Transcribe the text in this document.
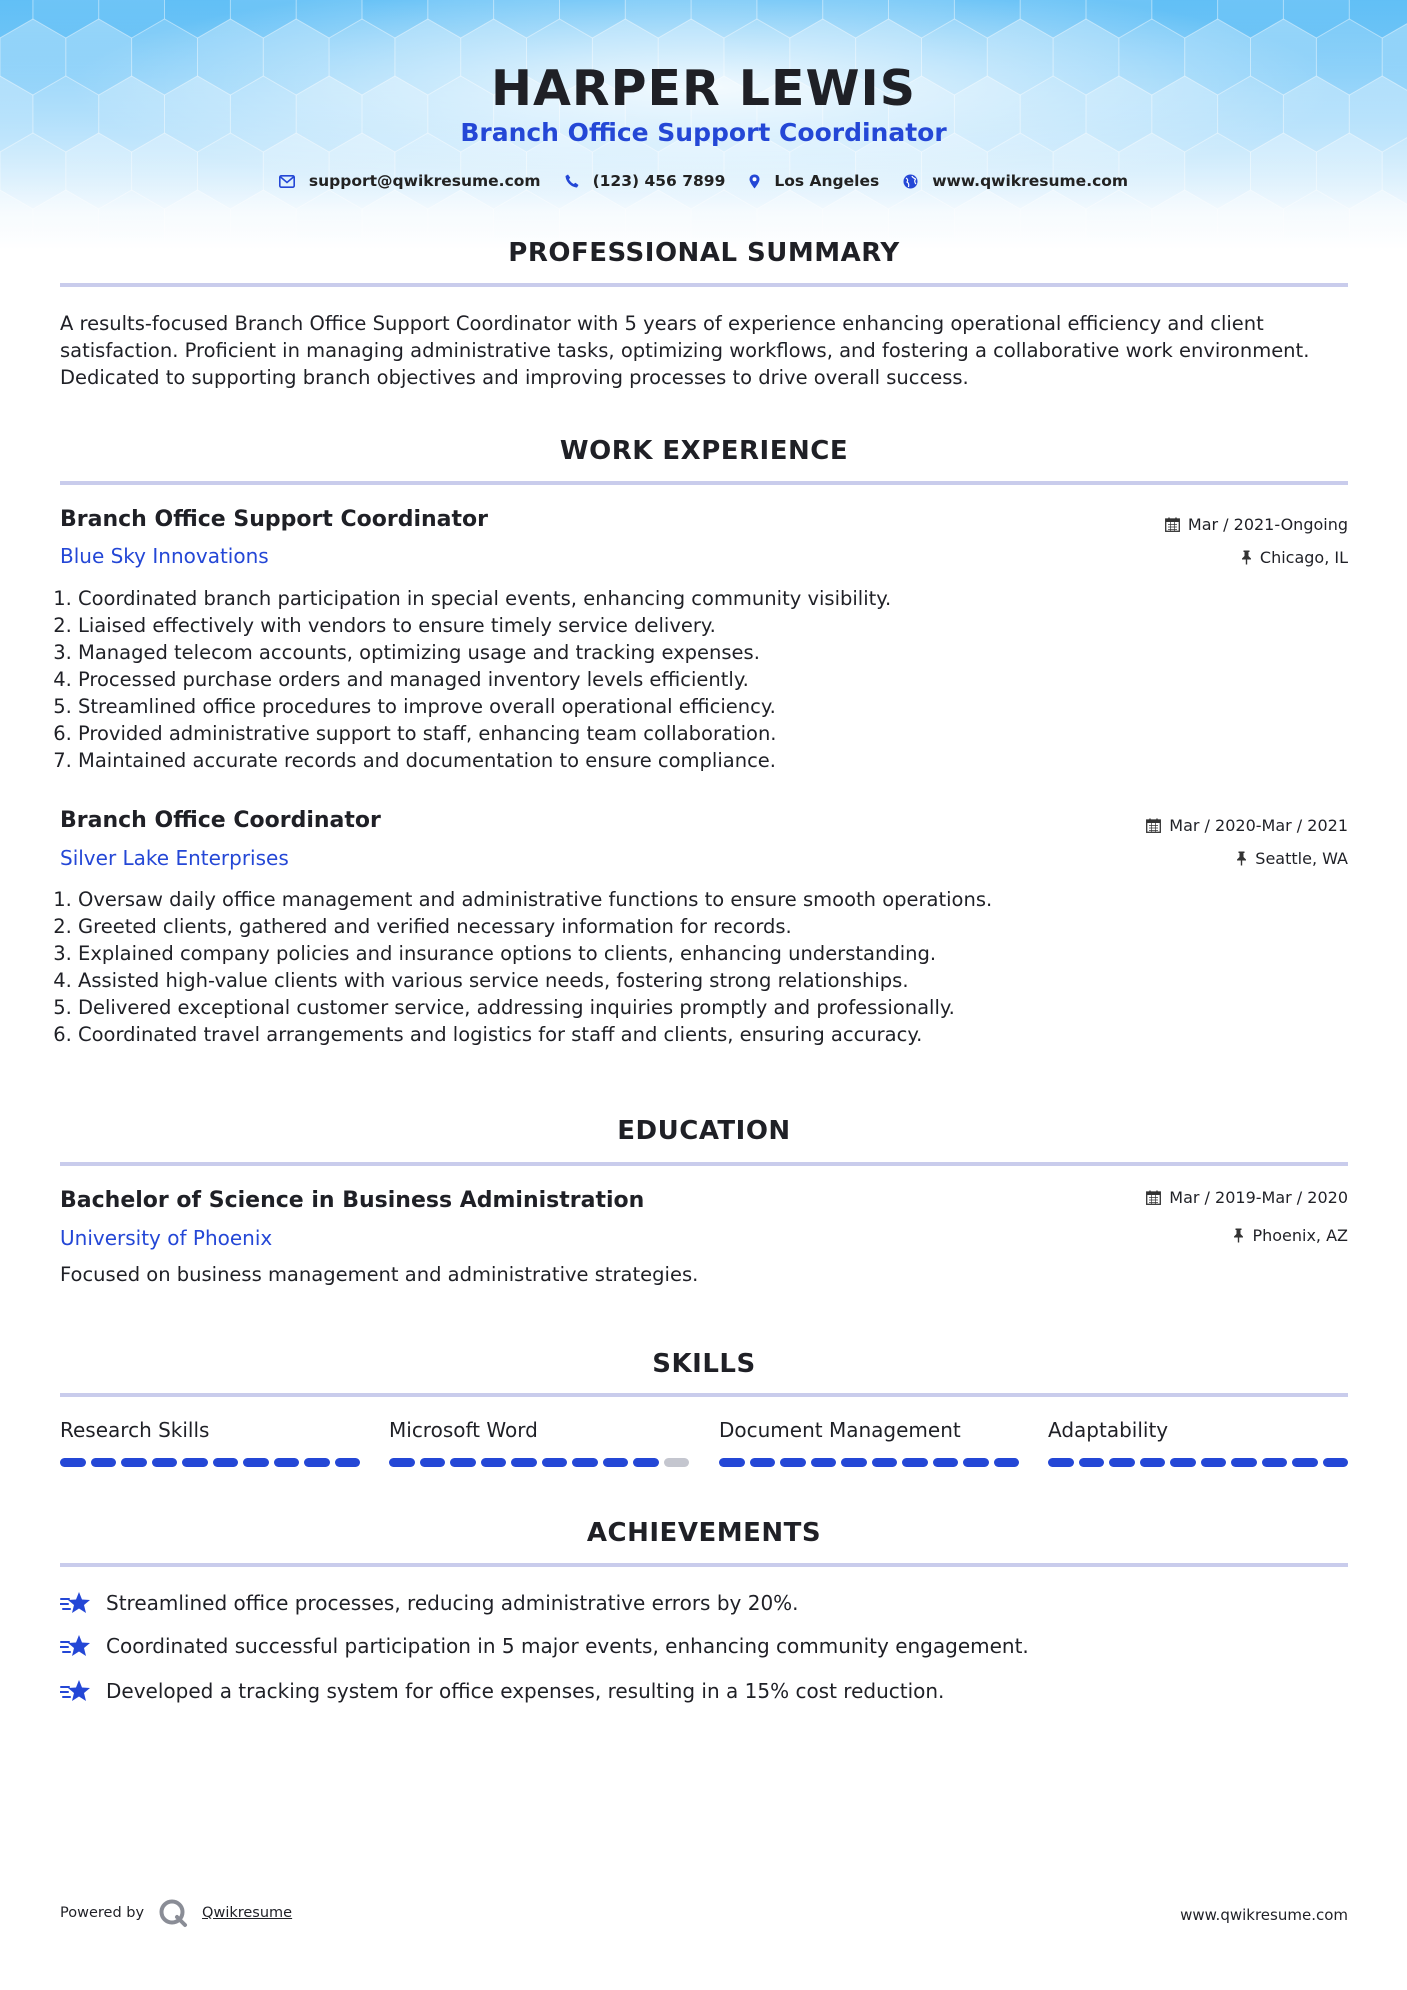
HARPER LEWIS
Branch Office Support Coordinator
support@qwikresume.com	(123) 456 7899	Los Angeles	www.qwikresume.com
PROFESSIONAL SUMMARY
A results-focused Branch Office Support Coordinator with 5 years of experience enhancing operational efficiency and client satisfaction. Proficient in managing administrative tasks, optimizing workflows, and fostering a collaborative work environment. Dedicated to supporting branch objectives and improving processes to drive overall success.
WORK EXPERIENCE
Branch Office Support Coordinator
Blue Sky Innovations
Mar / 2021-Ongoing
Chicago, IL
1. Coordinated branch participation in special events, enhancing community visibility.
2. Liaised effectively with vendors to ensure timely service delivery.
3. Managed telecom accounts, optimizing usage and tracking expenses.
4. Processed purchase orders and managed inventory levels efficiently.
5. Streamlined office procedures to improve overall operational efficiency.
6. Provided administrative support to staff, enhancing team collaboration.
7. Maintained accurate records and documentation to ensure compliance.
Branch Office Coordinator
Silver Lake Enterprises
Mar / 2020-Mar / 2021
Seattle, WA
1. Oversaw daily office management and administrative functions to ensure smooth operations.
2. Greeted clients, gathered and verified necessary information for records.
3. Explained company policies and insurance options to clients, enhancing understanding.
4. Assisted high-value clients with various service needs, fostering strong relationships.
5. Delivered exceptional customer service, addressing inquiries promptly and professionally.
6. Coordinated travel arrangements and logistics for staff and clients, ensuring accuracy.
EDUCATION
Bachelor of Science in Business Administration
University of Phoenix
Mar / 2019-Mar / 2020
Phoenix, AZ
Focused on business management and administrative strategies.
SKILLS
Research Skills	Microsoft Word	Document Management	Adaptability
ACHIEVEMENTS
Streamlined office processes, reducing administrative errors by 20%.
Coordinated successful participation in 5 major events, enhancing community engagement.
Developed a tracking system for office expenses, resulting in a 15% cost reduction.
Powered by	Qwikresume	www.qwikresume.com
